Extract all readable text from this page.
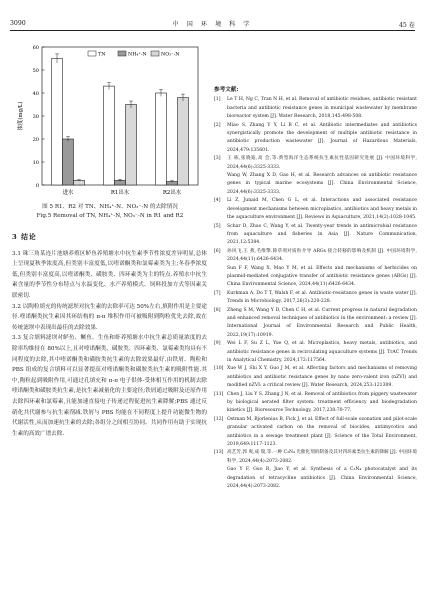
3090	中 国 环 境 科 学	45 卷
0
10
20
30
40
50
60
浓度(mg/L)
进水	R1出水	R2出水
TN	NH₄⁺-N	NO₃⁻-N
图 5 R1、R2 对 TN、NH₄⁺-N、NO₃⁻-N 的去除情况
Fig.5 Removal of TN, NH₄⁺-N, NO₃⁻-N in R1 and R2
3 结论

3.1 珠三角某连片池塘养殖区鲈鱼养殖塘水中抗生素季节性浓度差异明显,总体上呈现夏秋季浓度高,但类别丰富度低,以喹诺酮类和氯霉素类为主;冬春季浓度低,但类别丰富度高,以喹诺酮类、磺胺类、四环素类为主的特点.养殖水中抗生素含量的季节性分布特点与水温变化、水产养殖模式、饲料投加方式等因素关联密切.

3.2 以陶粒填充的传统滤坝对抗生素的去除率可达 50%左右,填附作用是主要途径.喹诺酮类抗生素因其环结构的 π-π 堆积作用可被吸附到陶粒优先去除,故在传统滤坝中表现出最佳的去除效果.

3.3 复合填料滤坝对鲈鱼、鳜鱼、生鱼和虾养殖塘水中抗生素总质量浓度的去除率均维持在 80%以上,且对喹诺酮类、磺胺类、四环素类、氯霉素类均具有不同程度的去除,其中喹诺酮类和磺胺类抗生素的去除效果最好.由铁屑、陶粒和 PBS 组成的复合填料可以显著提高对喹诺酮类和磺胺类抗生素的吸附性能.其中,陶粒起到吸附作用,可通过孔填充和 π-π 电子供体-受体相互作用的机制去除喹诺酮类和磺胺类抗生素,是抗生素减量化的主要途径;铁屑通过吸附及还原作用去除四环素和氯霉素,且能加速直接电子传递过程促进抗生素降解;PBS 通过反硝化共代谢参与抗生素削减.铁屑与 PBS 均能在不同程度上提升功能微生物的代谢活性,从而加速抗生素的去除;各组分之间相互协同、共同作用有助于实现抗生素的高效广谱去除.

参考文献:
[1]	Le T H, Ng C, Tran N H, et al. Removal of antibiotic residues, antibiotic resistant bacteria and antibiotic resistance genes in municipal wastewater by membrane bioreactor system [J]. Water Research, 2018,145:498-508.
[2]	Miao S, Zhang Y Y, Li B C, et al. Antibiotic intermediates and antibiotics synergistically promote the development of multiple antibiotic resistance in antibiotic production wastewater [J]. Journal of Hazardous Materials, 2024,479:135601.
[3]	王 栋,张晓迪,高 会,等.典型海洋生态系统抗生素抗性基因研究进展 [J]. 中国环境科学, 2024,44(6):3325-3333.
Wang W, Zhang X D, Gao H, et al. Research advances on antibiotic resistance genes in typical marine ecosystems [J]. China Environmental Science, 2024,44(6):3325-3333.
[4]	Li Z, Junaid M, Chen G L, et al. Interactions and associated resistance development mechanisms between microplastics, antibiotics and heavy metals in the aquaculture environment [J]. Reviews in Aquaculture, 2021,14(2):1028-1045.
[5]	Schar D, Zhao C, Wang Y, et al. Twenty-year trends in antimicrobial resistance from aquaculture and fisheries in Asia [J]. Nature Communication, 2021,12:5384.
[6]	孙风飞,王 燕,毛维擎.除草剂对质粒介导 ARGs 接合转移的影响及机制 [J]. 中国环境科学, 2024,44(11):6426-6434.
Sun F F, Wang X, Mao Y M, et al. Effects and mechanisms of herbicides on plasmid-mediated conjugative transfer of antibiotic resistance genes (ARGs) [J]. China Environmental Science, 2024,44(11):6426-6434.
[7]	Kurkman A, Do T T, Walsh F, et al. Antibiotic-resistance genes in waste water [J]. Trends in Microbiology, 2017,26(3):220-228.
[8]	Zheng S M, Wang Y D, Chen C H, et al. Current progress in natural degradation and enhanced removal techniques of antibiotics in the environment: a review [J]. International Journal of Environmental Research and Public Health, 2022,19(17):10919.
[9]	Wei L F, Su Z L, Yue Q, et al. Microplastics, heavy metals, antibiotics, and antibiotic resistance genes in recirculating aquaculture systems [J]. TrAC Trends in Analytical Chemistry, 2024,172:117564.
[10] Xue W J, Shi X Y, Guo J M, et al. Affecting factors and mechanisms of removing antibiotics and antibiotic resistance genes by nano zero-valent iron (nZVI) and modified nZVI: a critical review [J]. Water Research, 2024,253:121309.
[11] Chen J, Liu Y S, Zhang J N, et al. Removal of antibiotics from piggery wastewater by biological aerated filter system: treatment efficiency and biodegradation kinetics [J]. Bioresource Technology, 2017,238:70-77.
[12] Ostman M, Bjorlenius B, Fick J, et al. Effect of full-scale ozonation and pilot-scale granular activated carbon on the removal of biocides, antimycotics and antibiotics in a sewage treatment plant [J]. Science of the Total Environment, 2019,649:1117-1123.
[13] 高艺芳,郭 爽,成 瑞,等.一种 C₃N₄ 光催化剂的制备及其对四环素类抗生素的降解 [J]. 中国环境科学, 2024,44(4):2073-2082.
Gao Y F, Guo R, Jiao Y, et al. Synthesis of a C₃N₄ photocatalyst and its degradation of tetracycline antibiotics [J]. China Environmental Science, 2024,44(4):2073-2082.
